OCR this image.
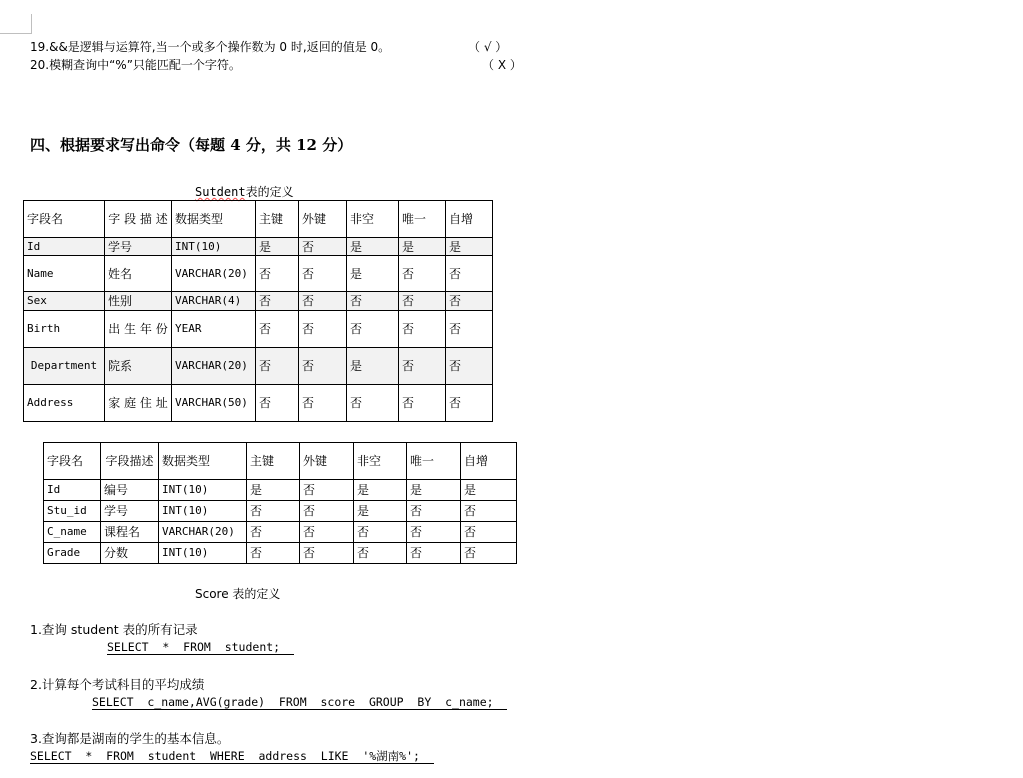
19.&&是逻辑与运算符,当一个或多个操作数为 0 时,返回的值是 0。	（ √ ）
20.模糊查询中“%”只能匹配一个字符。	（ X ）
四、根据要求写出命令（每题 4 分，共 12 分）
Sutdent表的定义
字段名	字 段 描 述	数据类型	主键	外键	非空	唯一	自增
Id	学号	INT(10)	是	否	是	是	是
Name	姓名	VARCHAR(20)	否	否	是	否	否
Sex	性别	VARCHAR(4)	否	否	否	否	否
Birth	出 生 年 份	YEAR	否	否	否	否	否
Department	院系	VARCHAR(20)	否	否	是	否	否
Address	家 庭 住 址	VARCHAR(50)	否	否	否	否	否
字段名	字段描述	数据类型	主键	外键	非空	唯一	自增
Id	编号	INT(10)	是	否	是	是	是
Stu_id	学号	INT(10)	否	否	是	否	否
C_name	课程名	VARCHAR(20)	否	否	否	否	否
Grade	分数	INT(10)	否	否	否	否	否
Score 表的定义
1.查询 student 表的所有记录
SELECT  *  FROM  student;
2.计算每个考试科目的平均成绩
SELECT  c_name,AVG(grade)  FROM  score  GROUP  BY  c_name;
3.查询都是湖南的学生的基本信息。
SELECT  *  FROM  student  WHERE  address  LIKE  '%湖南%';
